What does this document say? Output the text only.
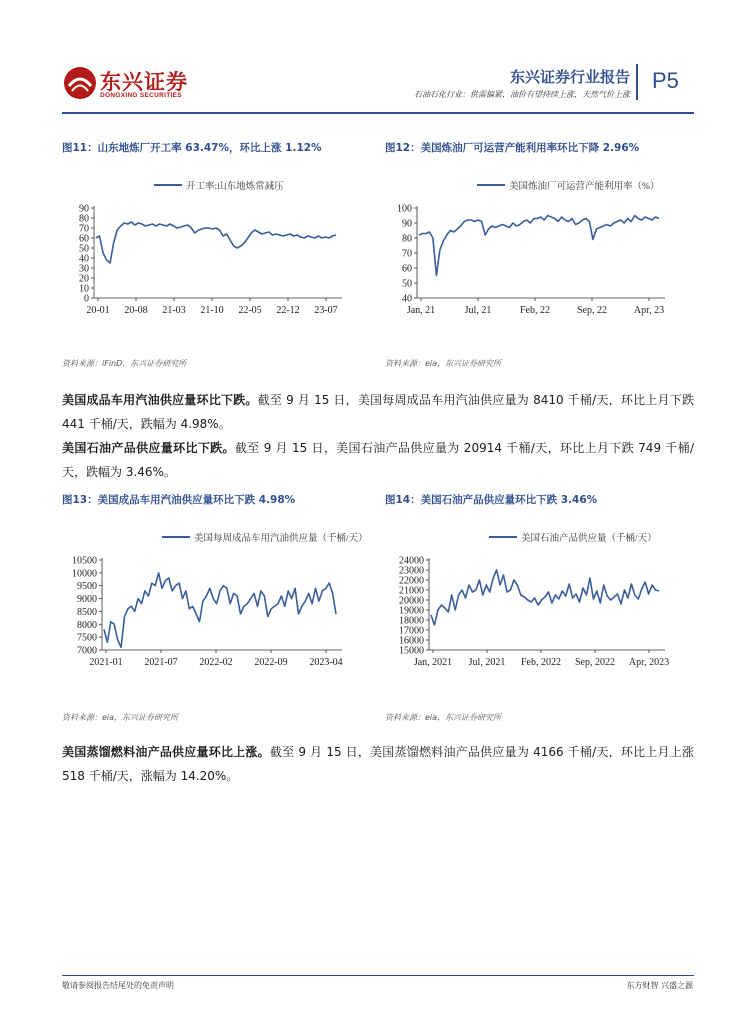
东兴证券
DONGXING SECURITIES
东兴证券行业报告
石油石化行业：供需偏紧，油价有望持续上涨，天然气价上涨
P5
图11：山东地炼厂开工率 63.47%，环比上涨 1.12%
开工率:山东地炼常减压
0
10
20
30
40
50
60
70
80
90
20-01 20-08 21-03 21-10 22-05 22-12 23-07
资料来源：iFinD，东兴证券研究所
图12：美国炼油厂可运营产能利用率环比下降 2.96%
美国炼油厂可运营产能利用率（%）
40
50
60
70
80
90
100
Jan, 21	Jul, 21	Feb, 22	Sep, 22	Apr, 23
资料来源：eia，东兴证券研究所
美国成品车用汽油供应量环比下跌。截至 9 月 15 日，美国每周成品车用汽油供应量为 8410 千桶/天，环比上月下跌 441 千桶/天，跌幅为 4.98%。
美国石油产品供应量环比下跌。截至 9 月 15 日，美国石油产品供应量为 20914 千桶/天，环比上月下跌 749 千桶/天，跌幅为 3.46%。
图13：美国成品车用汽油供应量环比下跌 4.98%
美国每周成品车用汽油供应量（千桶/天）
7000
7500
8000
8500
9000
9500
10000
10500
2021-01 2021-07 2022-02 2022-09 2023-04
资料来源：eia，东兴证券研究所
图14：美国石油产品供应量环比下跌 3.46%
美国石油产品供应量（千桶/天）
15000
16000
17000
18000
19000
20000
21000
22000
23000
24000
Jan, 2021 Jul, 2021 Feb, 2022 Sep, 2022 Apr, 2023
资料来源：eia，东兴证券研究所
美国蒸馏燃料油产品供应量环比上涨。截至 9 月 15 日，美国蒸馏燃料油产品供应量为 4166 千桶/天，环比上月上涨 518 千桶/天，涨幅为 14.20%。
敬请参阅报告结尾处的免责声明	东方财智 兴盛之源
